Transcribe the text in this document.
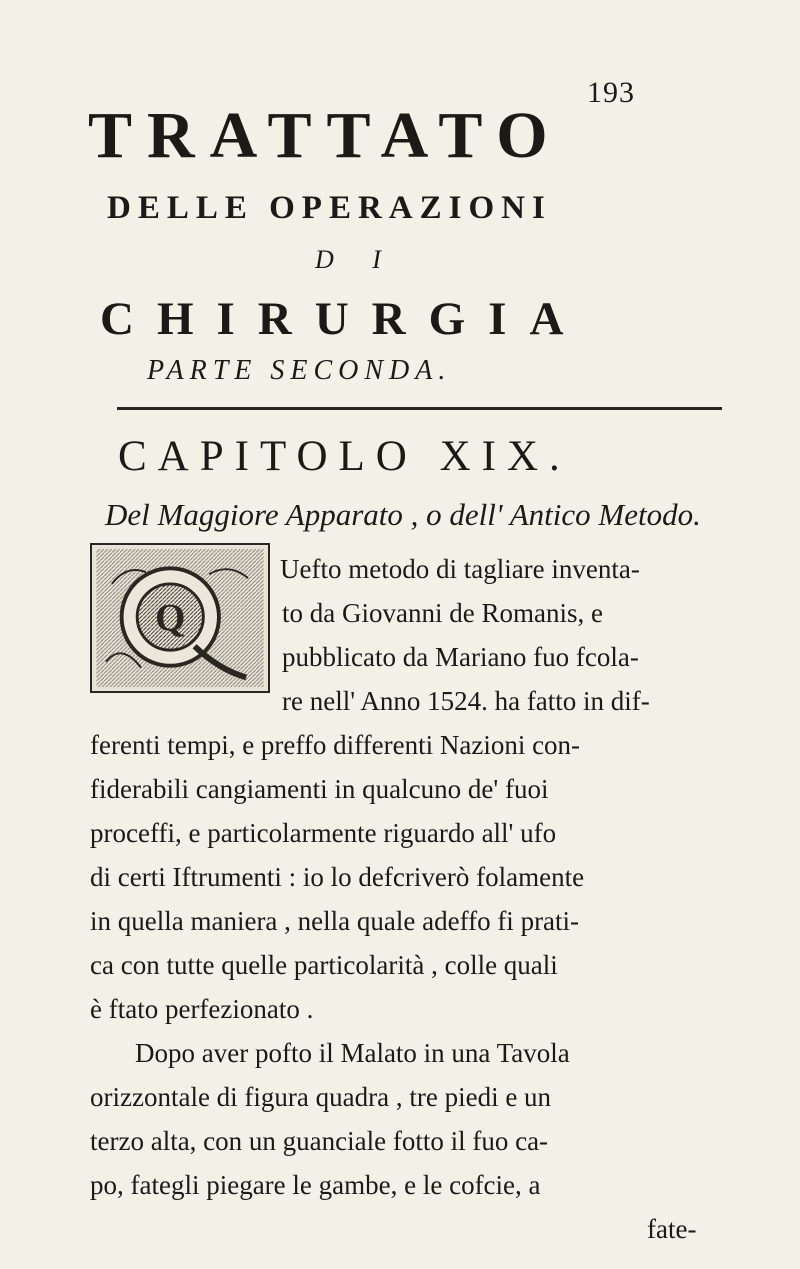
193
TRATTATO
DELLE OPERAZIONI
D I
CHIRURGIA
PARTE SECONDA.
CAPITOLO XIX.
Del Maggiore Apparato , o dell' Antico Metodo.
Q
Uefto metodo di tagliare inventa-
to da Giovanni de Romanis, e
pubblicato da Mariano fuo fcola-
re nell' Anno 1524. ha fatto in dif-
ferenti tempi, e preffo differenti Nazioni con-
fiderabili cangiamenti in qualcuno de' fuoi
proceffi, e particolarmente riguardo all' ufo
di certi Iftrumenti : io lo defcriverò folamente
in quella maniera , nella quale adeffo fi prati-
ca con tutte quelle particolarità , colle quali
è ftato perfezionato .
Dopo aver pofto il Malato in una Tavola
orizzontale di figura quadra , tre piedi e un
terzo alta, con un guanciale fotto il fuo ca-
po, fategli piegare le gambe, e le cofcie, a
fate-
